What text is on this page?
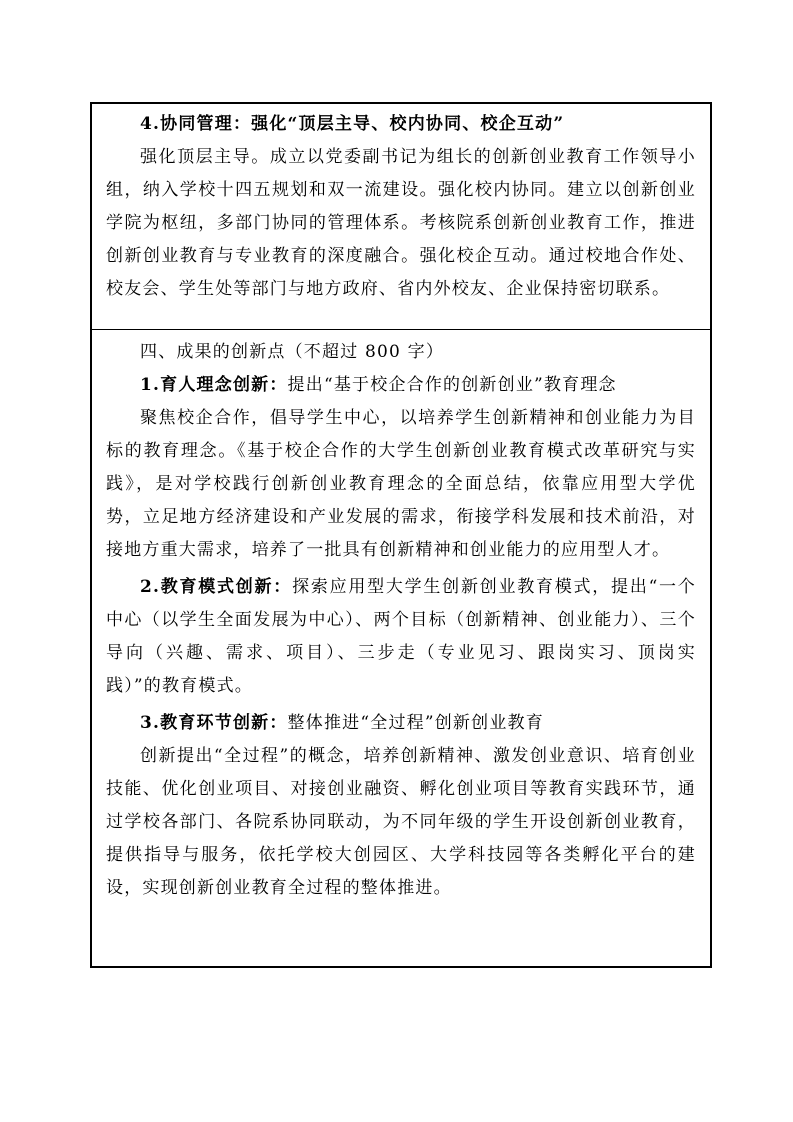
4.协同管理：强化“顶层主导、校内协同、校企互动”

强化顶层主导。成立以党委副书记为组长的创新创业教育工作领导小组，纳入学校十四五规划和双一流建设。强化校内协同。建立以创新创业学院为枢纽，多部门协同的管理体系。考核院系创新创业教育工作，推进创新创业教育与专业教育的深度融合。强化校企互动。通过校地合作处、校友会、学生处等部门与地方政府、省内外校友、企业保持密切联系。

四、成果的创新点（不超过 800 字）

1.育人理念创新：提出“基于校企合作的创新创业”教育理念

聚焦校企合作，倡导学生中心，以培养学生创新精神和创业能力为目标的教育理念。《基于校企合作的大学生创新创业教育模式改革研究与实践》，是对学校践行创新创业教育理念的全面总结，依靠应用型大学优势，立足地方经济建设和产业发展的需求，衔接学科发展和技术前沿，对接地方重大需求，培养了一批具有创新精神和创业能力的应用型人才。

2.教育模式创新：探索应用型大学生创新创业教育模式，提出“一个中心（以学生全面发展为中心）、两个目标（创新精神、创业能力）、三个导向（兴趣、需求、项目）、三步走（专业见习、跟岗实习、顶岗实践）”的教育模式。

3.教育环节创新：整体推进“全过程”创新创业教育

创新提出“全过程”的概念，培养创新精神、激发创业意识、培育创业技能、优化创业项目、对接创业融资、孵化创业项目等教育实践环节，通过学校各部门、各院系协同联动，为不同年级的学生开设创新创业教育，提供指导与服务，依托学校大创园区、大学科技园等各类孵化平台的建设，实现创新创业教育全过程的整体推进。
